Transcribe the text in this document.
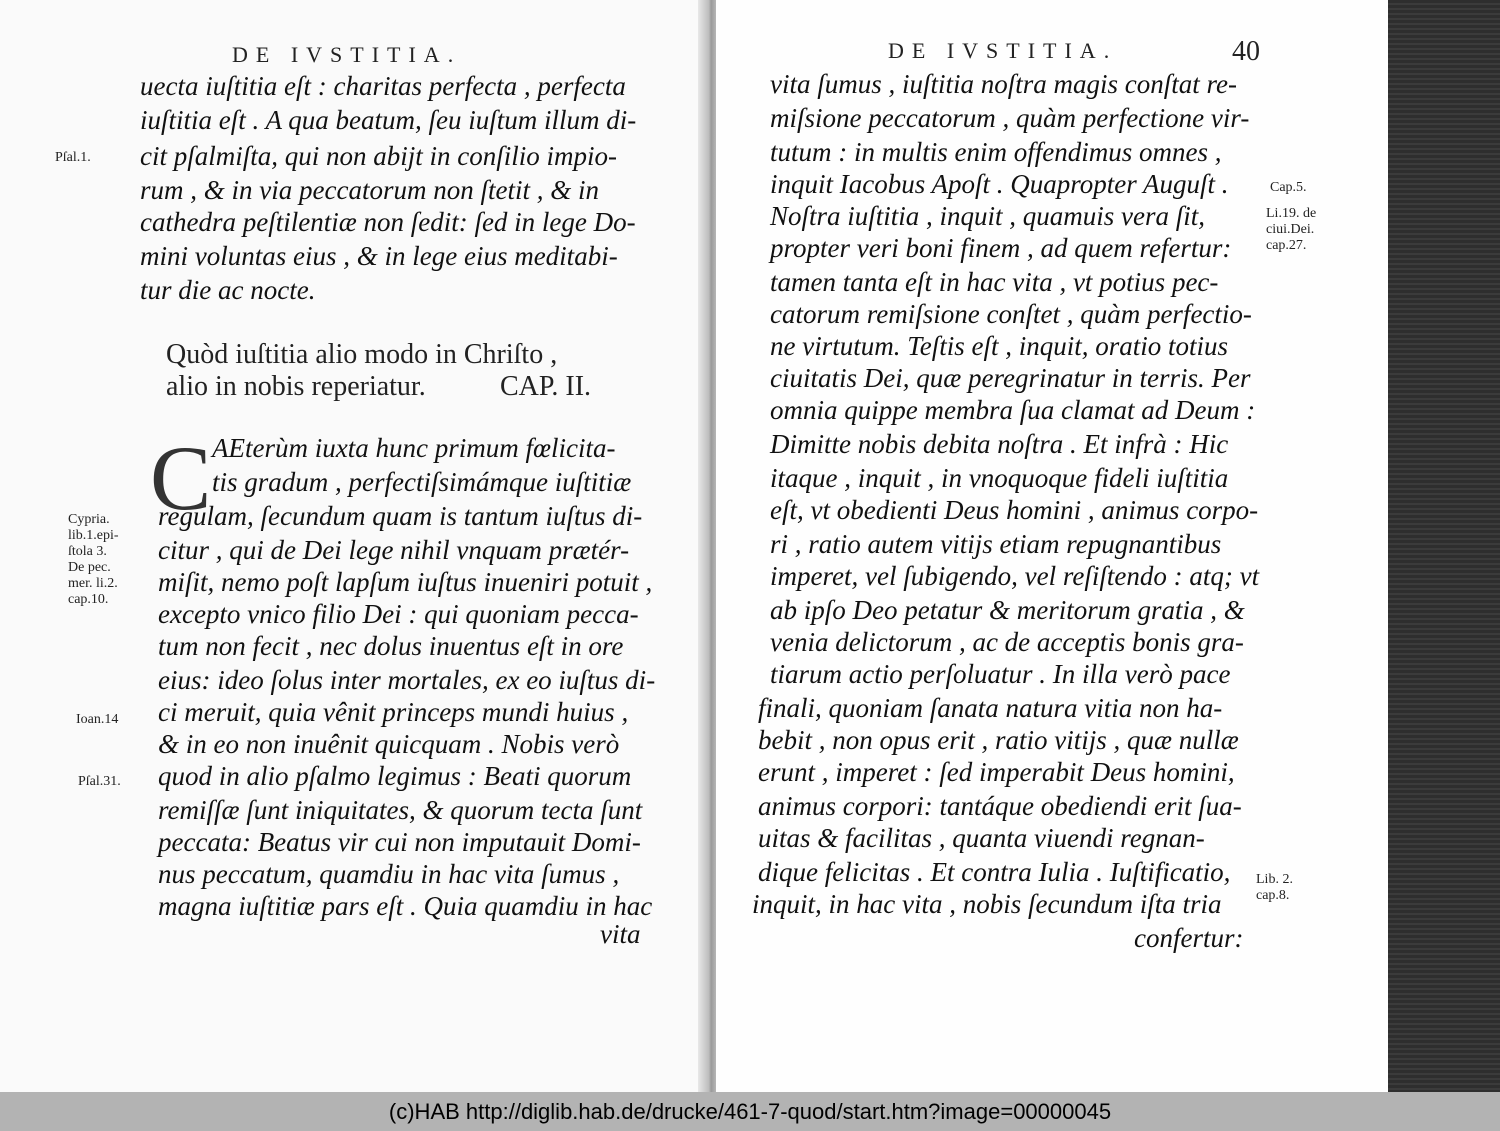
DE IVSTITIA.
uecta iuſtitia eſt : charitas perfecta , perfecta
iuſtitia eſt . A qua beatum, ſeu iuſtum illum di-
cit pſalmiſta, qui non abijt in conſilio impio-
rum , & in via peccatorum non ſtetit , & in
cathedra peſtilentiæ non ſedit: ſed in lege Do-
mini voluntas eius , & in lege eius meditabi-
tur die ac nocte.
Quòd iuſtitia alio modo in Chriſto ,
alio in nobis reperiatur.	CAP. II.
C AEterùm iuxta hunc primum fœlicita-
tis gradum , perfectiſsimámque iuſtitiæ
regulam, ſecundum quam is tantum iuſtus di-
citur , qui de Dei lege nihil vnquam prætér-
miſit, nemo poſt lapſum iuſtus inueniri potuit ,
excepto vnico filio Dei : qui quoniam pecca-
tum non fecit , nec dolus inuentus eſt in ore
eius: ideo ſolus inter mortales, ex eo iuſtus di-
ci meruit, quia vênit princeps mundi huius ,
& in eo non inuênit quicquam . Nobis verò
quod in alio pſalmo legimus : Beati quorum
remiſſæ ſunt iniquitates, & quorum tecta ſunt
peccata: Beatus vir cui non imputauit Domi-
nus peccatum, quamdiu in hac vita ſumus ,
magna iuſtitiæ pars eſt . Quia quamdiu in hac
vita
Pſal.1.
Cypria.
lib.1.epi-
ſtola 3.
De pec.
mer. li.2.
cap.10.
Ioan.14
Pſal.31.
DE IVSTITIA.	40
vita ſumus , iuſtitia noſtra magis conſtat re-
miſsione peccatorum , quàm perfectione vir-
tutum : in multis enim offendimus omnes ,
inquit Iacobus Apoſt . Quapropter Auguſt .
Noſtra iuſtitia , inquit , quamuis vera ſit,
propter veri boni finem , ad quem refertur:
tamen tanta eſt in hac vita , vt potius pec-
catorum remiſsione conſtet , quàm perfectio-
ne virtutum. Teſtis eſt , inquit, oratio totius
ciuitatis Dei, quæ peregrinatur in terris. Per
omnia quippe membra ſua clamat ad Deum :
Dimitte nobis debita noſtra . Et infrà : Hic
itaque , inquit , in vnoquoque fideli iuſtitia
eſt, vt obedienti Deus homini , animus corpo-
ri , ratio autem vitijs etiam repugnantibus
imperet, vel ſubigendo, vel reſiſtendo : atq; vt
ab ipſo Deo petatur & meritorum gratia , &
venia delictorum , ac de acceptis bonis gra-
tiarum actio perſoluatur . In illa verò pace
finali, quoniam ſanata natura vitia non ha-
bebit , non opus erit , ratio vitijs , quæ nullæ
erunt , imperet : ſed imperabit Deus homini,
animus corpori: tantáque obediendi erit ſua-
uitas & facilitas , quanta viuendi regnan-
dique felicitas . Et contra Iulia . Iuſtificatio,
inquit, in hac vita , nobis ſecundum iſta tria
confertur:
Cap.5.
Li.19. de
ciui.Dei.
cap.27.
Lib. 2.
cap.8.
(c)HAB http://diglib.hab.de/drucke/461-7-quod/start.htm?image=00000045
